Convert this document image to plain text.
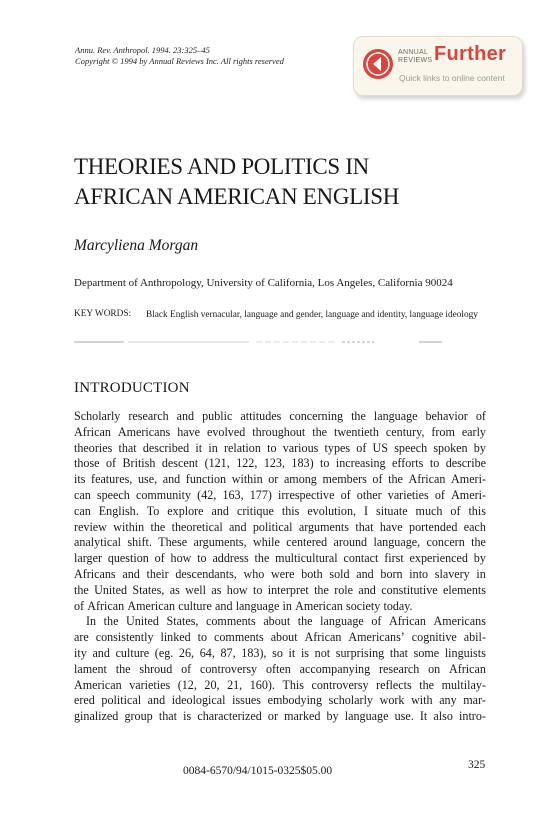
Annu. Rev. Anthropol. 1994. 23:325–45
Copyright © 1994 by Annual Reviews Inc. All rights reserved
ANNUAL
REVIEWS Further
Quick links to online content
THEORIES AND POLITICS IN
AFRICAN AMERICAN ENGLISH
Marcyliena Morgan
Department of Anthropology, University of California, Los Angeles, California 90024
KEY WORDS: Black English vernacular, language and gender, language and identity, language ideology
INTRODUCTION
Scholarly research and public attitudes concerning the language behavior of
African Americans have evolved throughout the twentieth century, from early
theories that described it in relation to various types of US speech spoken by
those of British descent (121, 122, 123, 183) to increasing efforts to describe
its features, use, and function within or among members of the African Ameri-
can speech community (42, 163, 177) irrespective of other varieties of Ameri-
can English. To explore and critique this evolution, I situate much of this
review within the theoretical and political arguments that have portended each
analytical shift. These arguments, while centered around language, concern the
larger question of how to address the multicultural contact first experienced by
Africans and their descendants, who were both sold and born into slavery in
the United States, as well as how to interpret the role and constitutive elements
of African American culture and language in American society today.
In the United States, comments about the language of African Americans
are consistently linked to comments about African Americans’ cognitive abil-
ity and culture (eg. 26, 64, 87, 183), so it is not surprising that some linguists
lament the shroud of controversy often accompanying research on African
American varieties (12, 20, 21, 160). This controversy reflects the multilay-
ered political and ideological issues embodying scholarly work with any mar-
ginalized group that is characterized or marked by language use. It also intro-
0084-6570/94/1015-0325$05.00	325
